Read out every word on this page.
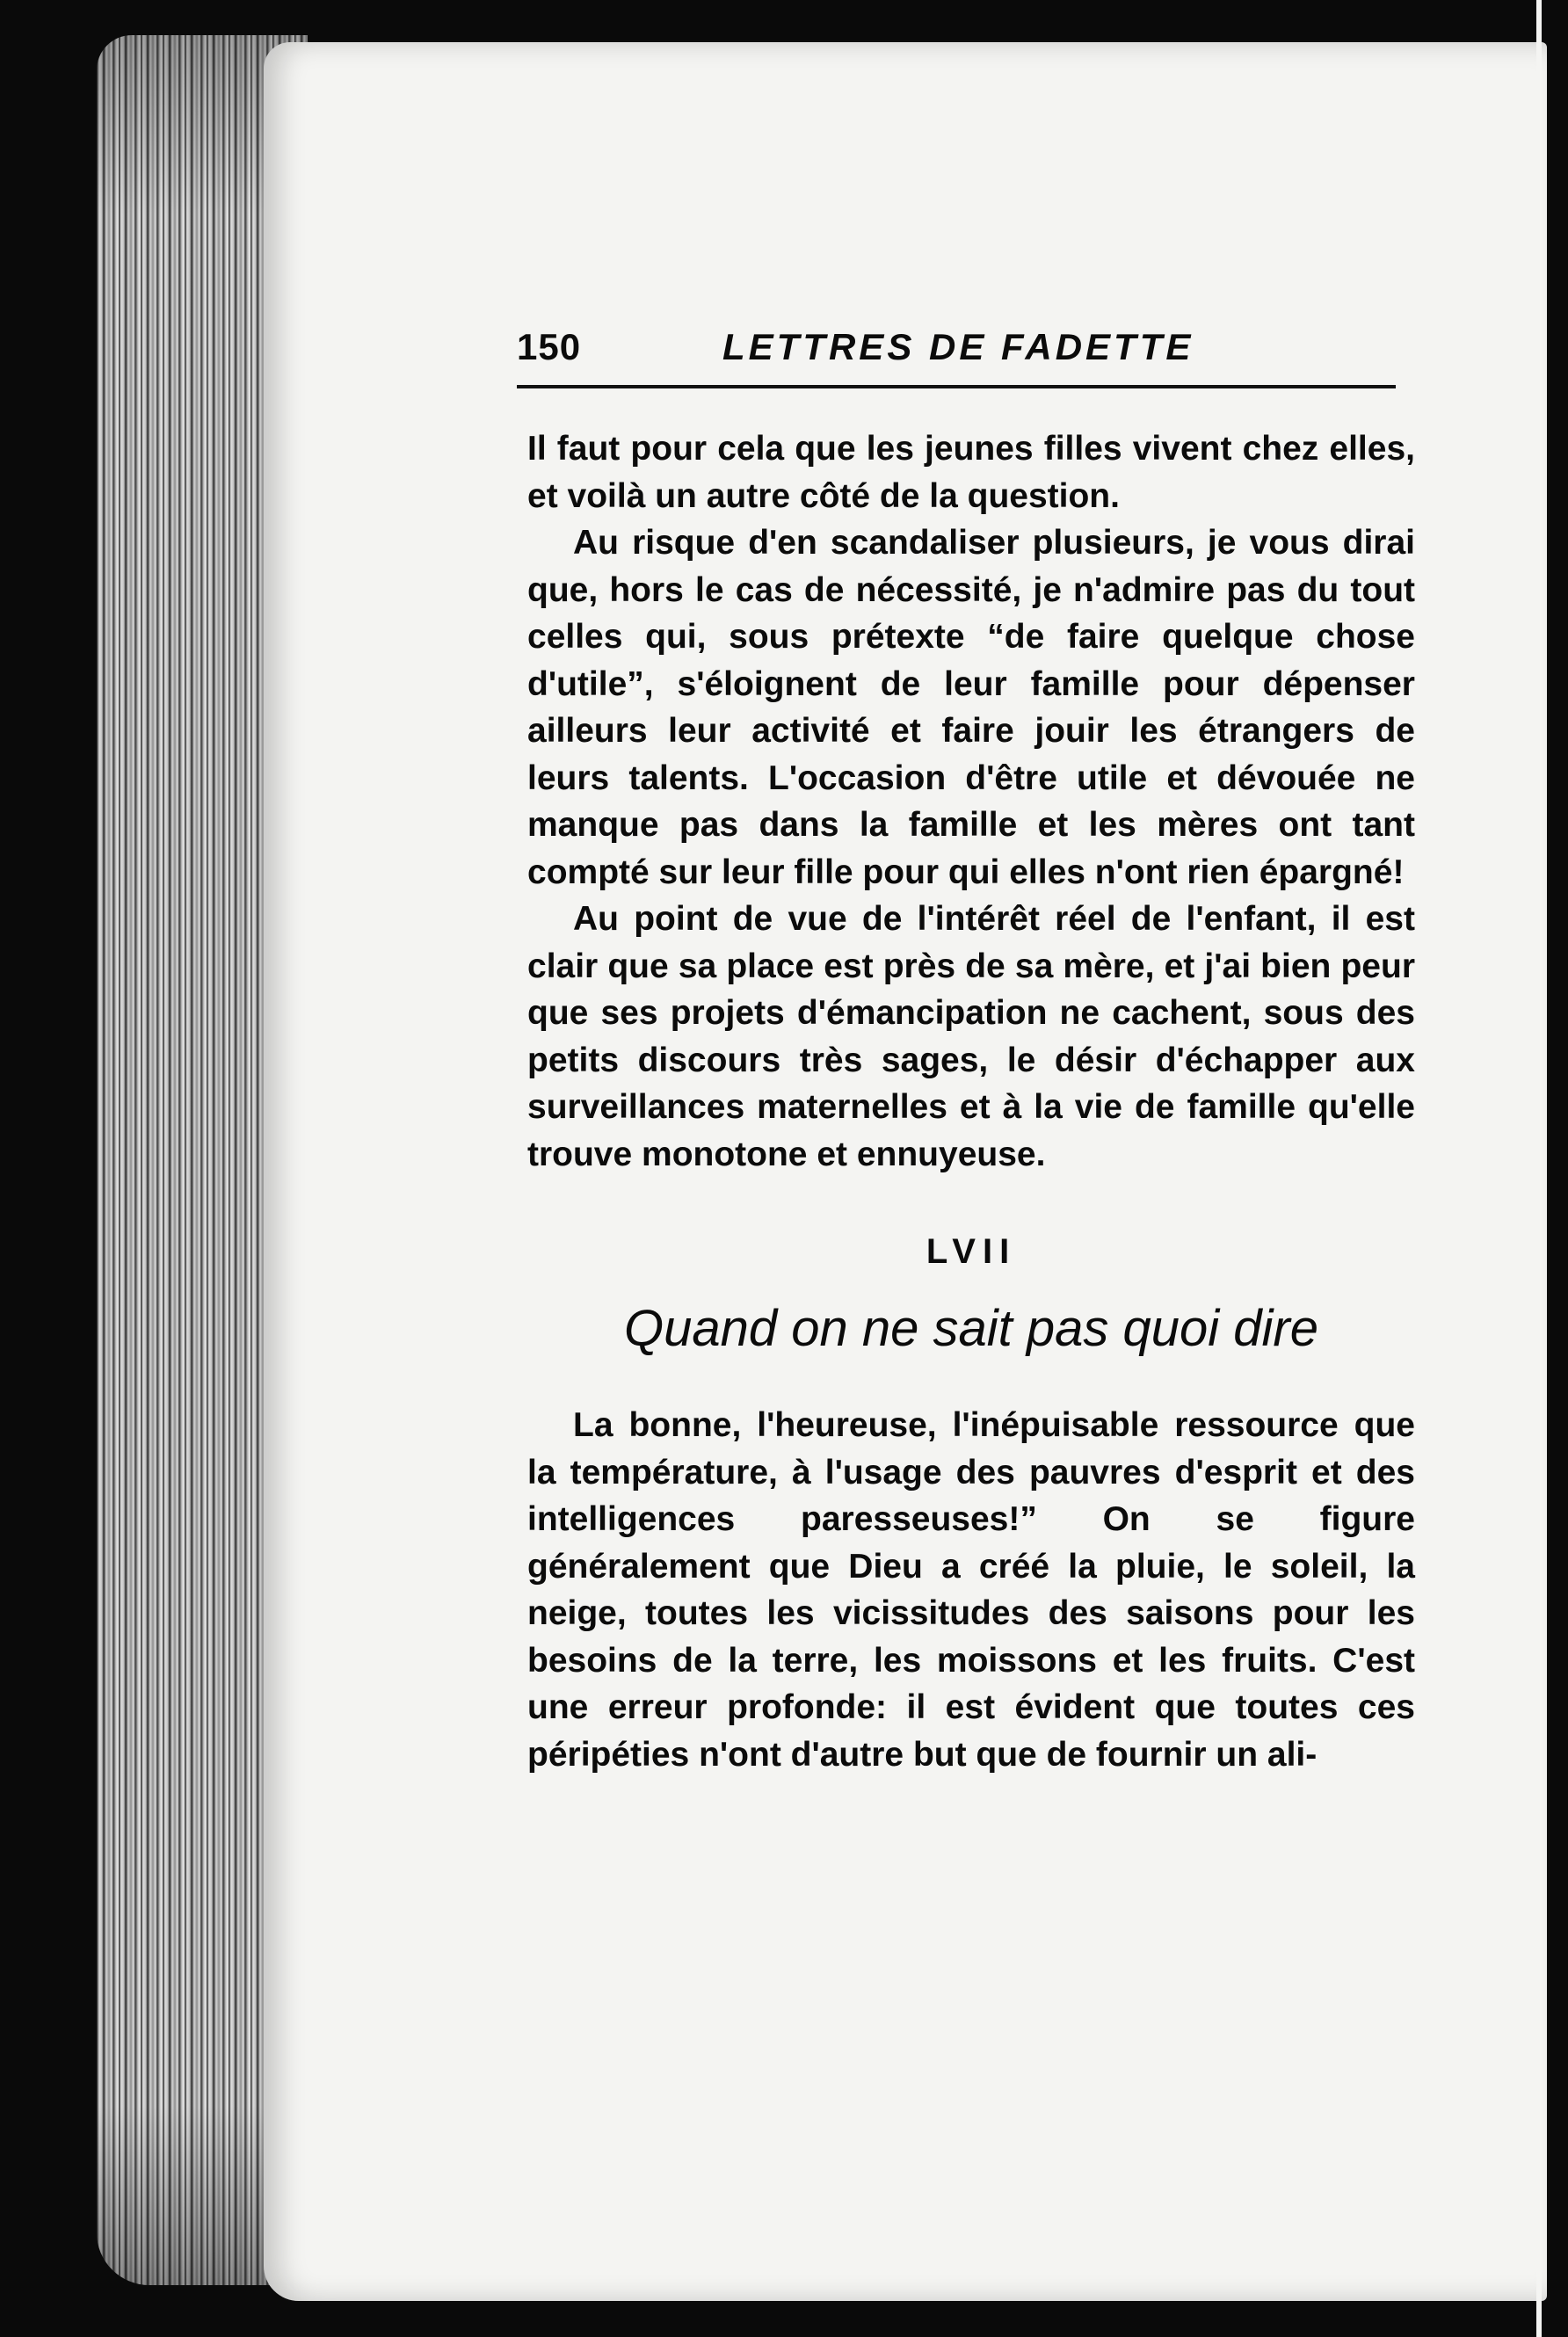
150	LETTRES DE FADETTE

Il faut pour cela que les jeunes filles vivent chez elles, et voilà un autre côté de la question.

Au risque d'en scandaliser plusieurs, je vous dirai que, hors le cas de nécessité, je n'admire pas du tout celles qui, sous prétexte “de faire quelque chose d'utile”, s'éloignent de leur famille pour dépenser ailleurs leur activité et faire jouir les étrangers de leurs talents. L'occasion d'être utile et dévouée ne manque pas dans la famille et les mères ont tant compté sur leur fille pour qui elles n'ont rien épargné!

Au point de vue de l'intérêt réel de l'enfant, il est clair que sa place est près de sa mère, et j'ai bien peur que ses projets d'émancipation ne cachent, sous des petits discours très sages, le désir d'échapper aux surveillances maternelles et à la vie de famille qu'elle trouve monotone et ennuyeuse.

LVII
Quand on ne sait pas quoi dire

La bonne, l'heureuse, l'inépuisable ressource que la température, à l'usage des pauvres d'esprit et des intelligences paresseuses!” On se figure généralement que Dieu a créé la pluie, le soleil, la neige, toutes les vicissitudes des saisons pour les besoins de la terre, les moissons et les fruits. C'est une erreur profonde: il est évident que toutes ces péripéties n'ont d'autre but que de fournir un ali-
